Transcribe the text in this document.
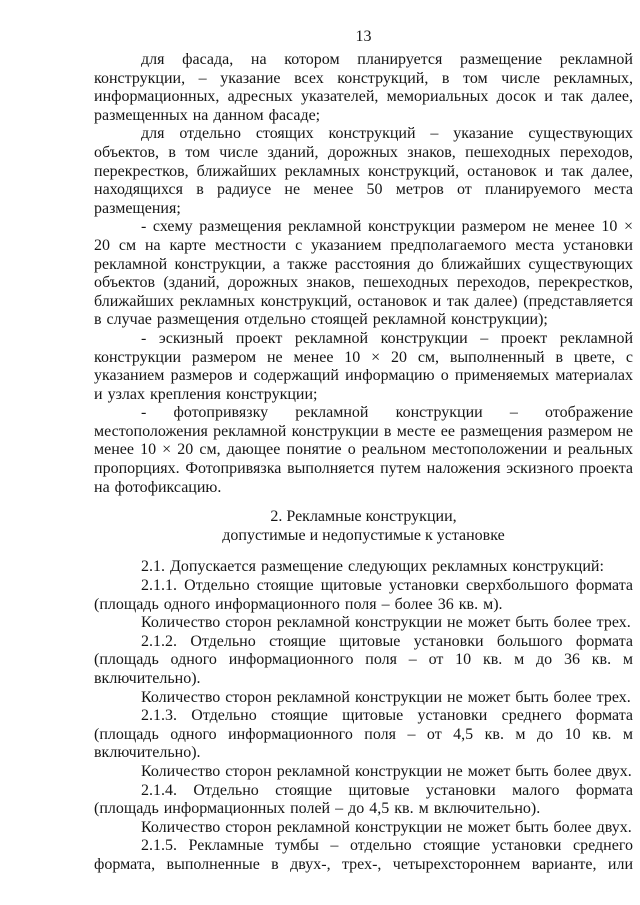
13

для фасада, на котором планируется размещение рекламной конструкции, – указание всех конструкций, в том числе рекламных, информационных, адресных указателей, мемориальных досок и так далее, размещенных на данном фасаде;

для отдельно стоящих конструкций – указание существующих объектов, в том числе зданий, дорожных знаков, пешеходных переходов, перекрестков, ближайших рекламных конструкций, остановок и так далее, находящихся в радиусе не менее 50 метров от планируемого места размещения;

- схему размещения рекламной конструкции размером не менее 10 × 20 см на карте местности с указанием предполагаемого места установки рекламной конструкции, а также расстояния до ближайших существующих объектов (зданий, дорожных знаков, пешеходных переходов, перекрестков, ближайших рекламных конструкций, остановок и так далее) (представляется в случае размещения отдельно стоящей рекламной конструкции);

- эскизный проект рекламной конструкции – проект рекламной конструкции размером не менее 10 × 20 см, выполненный в цвете, с указанием размеров и содержащий информацию о применяемых материалах и узлах крепления конструкции;

- фотопривязку рекламной конструкции – отображение местоположения рекламной конструкции в месте ее размещения размером не менее 10 × 20 см, дающее понятие о реальном местоположении и реальных пропорциях. Фотопривязка выполняется путем наложения эскизного проекта на фотофиксацию.

2. Рекламные конструкции,
допустимые и недопустимые к установке

2.1. Допускается размещение следующих рекламных конструкций:

2.1.1. Отдельно стоящие щитовые установки сверхбольшого формата (площадь одного информационного поля – более 36 кв. м).

Количество сторон рекламной конструкции не может быть более трех.

2.1.2. Отдельно стоящие щитовые установки большого формата (площадь одного информационного поля – от 10 кв. м до 36 кв. м включительно).

Количество сторон рекламной конструкции не может быть более трех.

2.1.3. Отдельно стоящие щитовые установки среднего формата (площадь одного информационного поля – от 4,5 кв. м до 10 кв. м включительно).

Количество сторон рекламной конструкции не может быть более двух.

2.1.4. Отдельно стоящие щитовые установки малого формата (площадь информационных полей – до 4,5 кв. м включительно).

Количество сторон рекламной конструкции не может быть более двух.

2.1.5. Рекламные тумбы – отдельно стоящие установки среднего формата, выполненные в двух-, трех-, четырехстороннем варианте, или
